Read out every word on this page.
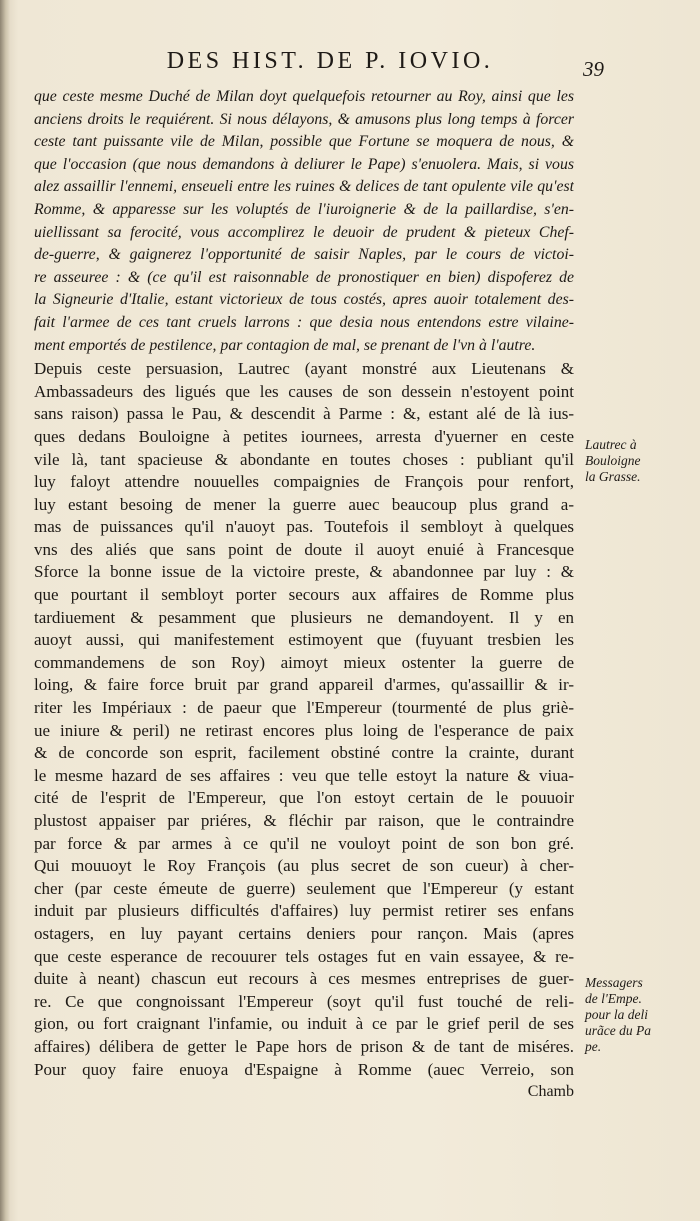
DES HIST. DE P. IOVIO.	39
que ceste mesme Duché de Milan doyt quelquefois retourner au Roy, ainsi que les
anciens droits le requiérent. Si nous délayons, & amusons plus long temps à forcer
ceste tant puissante vile de Milan, possible que Fortune se moquera de nous, &
que l'occasion (que nous demandons à deliurer le Pape) s'enuolera. Mais, si vous
alez assaillir l'ennemi, enseueli entre les ruines & delices de tant opulente vile qu'est
Romme, & apparesse sur les voluptés de l'iuroignerie & de la paillardise, s'en-
uiellissant sa ferocité, vous accomplirez le deuoir de prudent & pieteux Chef-
de-guerre, & gaignerez l'opportunité de saisir Naples, par le cours de victoi-
re asseuree : & (ce qu'il est raisonnable de pronostiquer en bien) dispoferez de
la Signeurie d'Italie, estant victorieux de tous costés, apres auoir totalement des-
fait l'armee de ces tant cruels larrons : que desia nous entendons estre vilaine-
ment emportés de pestilence, par contagion de mal, se prenant de l'vn à l'autre.
Depuis ceste persuasion, Lautrec (ayant monstré aux Lieutenans &
Ambassadeurs des ligués que les causes de son dessein n'estoyent point
sans raison) passa le Pau, & descendit à Parme : &, estant alé de là ius-
ques dedans Bouloigne à petites iournees, arresta d'yuerner en ceste
vile là, tant spacieuse & abondante en toutes choses : publiant qu'il
luy faloyt attendre nouuelles compaignies de François pour renfort,
luy estant besoing de mener la guerre auec beaucoup plus grand a-
mas de puissances qu'il n'auoyt pas. Toutefois il sembloyt à quelques
vns des aliés que sans point de doute il auoyt enuié à Francesque
Sforce la bonne issue de la victoire preste, & abandonnee par luy : &
que pourtant il sembloyt porter secours aux affaires de Romme plus
tardiuement & pesamment que plusieurs ne demandoyent. Il y en
auoyt aussi, qui manifestement estimoyent que (fuyuant tresbien les
commandemens de son Roy) aimoyt mieux ostenter la guerre de
loing, & faire force bruit par grand appareil d'armes, qu'assaillir & ir-
riter les Impériaux : de paeur que l'Empereur (tourmenté de plus griè-
ue iniure & peril) ne retirast encores plus loing de l'esperance de paix
& de concorde son esprit, facilement obstiné contre la crainte, durant
le mesme hazard de ses affaires : veu que telle estoyt la nature & viua-
cité de l'esprit de l'Empereur, que l'on estoyt certain de le pouuoir
plustost appaiser par priéres, & fléchir par raison, que le contraindre
par force & par armes à ce qu'il ne vouloyt point de son bon gré.
Qui mouuoyt le Roy François (au plus secret de son cueur) à cher-
cher (par ceste émeute de guerre) seulement que l'Empereur (y estant
induit par plusieurs difficultés d'affaires) luy permist retirer ses enfans
ostagers, en luy payant certains deniers pour rançon. Mais (apres
que ceste esperance de recouurer tels ostages fut en vain essayee, & re-
duite à neant) chascun eut recours à ces mesmes entreprises de guer-
re. Ce que congnoissant l'Empereur (soyt qu'il fust touché de reli-
gion, ou fort craignant l'infamie, ou induit à ce par le grief peril de ses
affaires) délibera de getter le Pape hors de prison & de tant de miséres.
Pour quoy faire enuoya d'Espaigne à Romme (auec Verreio, son
Chamb
Lautrec à
Bouloigne
la Grasse.
Messagers
de l'Empe.
pour la deli
urãce du Pa
pe.
